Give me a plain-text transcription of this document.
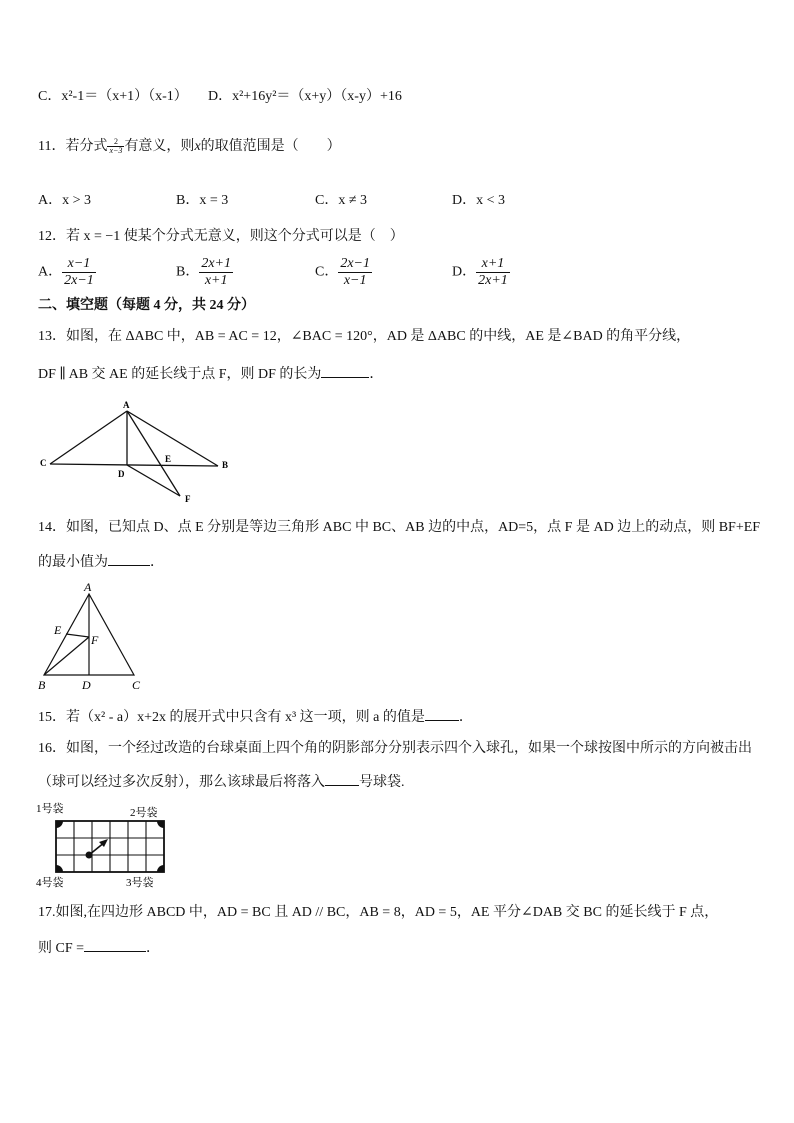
C．x²-1＝（x+1）（x-1） D．x²+16y²＝（x+y）（x-y）+16
11．若分式 $\frac{2}{x-3}$ 有意义，则x的取值范围是（　　）
A．x > 3	B．x = 3	C．x ≠ 3	D．x < 3
12．若 x = −1 使某个分式无意义，则这个分式可以是（　）
A． $\frac{x-1}{2x-1}$	B． $\frac{2x+1}{x+1}$	C． $\frac{2x-1}{x-1}$	D． $\frac{x+1}{2x+1}$
二、填空题（每题 4 分，共 24 分）
13．如图，在 ΔABC 中，AB = AC = 12，∠BAC = 120°，AD 是 ΔABC 的中线，AE 是∠BAD 的角平分线，
DF ∥ AB 交 AE 的延长线于点 F，则 DF 的长为	．
A
C	B
D
E
F
14．如图，已知点 D、点 E 分别是等边三角形 ABC 中 BC、AB 边的中点，AD=5，点 F 是 AD 边上的动点，则 BF+EF
的最小值为	．
A
E
F
B	D	C
15．若（x² - a）x+2x 的展开式中只含有 x³ 这一项，则 a 的值是 ．
16．如图，一个经过改造的台球桌面上四个角的阴影部分分别表示四个入球孔，如果一个球按图中所示的方向被击出
（球可以经过多次反射），那么该球最后将落入 号球袋.
1号袋	2号袋
4号袋	3号袋
17.如图,在四边形 ABCD 中，AD = BC 且 AD // BC，AB = 8，AD = 5，AE 平分∠DAB 交 BC 的延长线于 F 点，
则 CF =	．
